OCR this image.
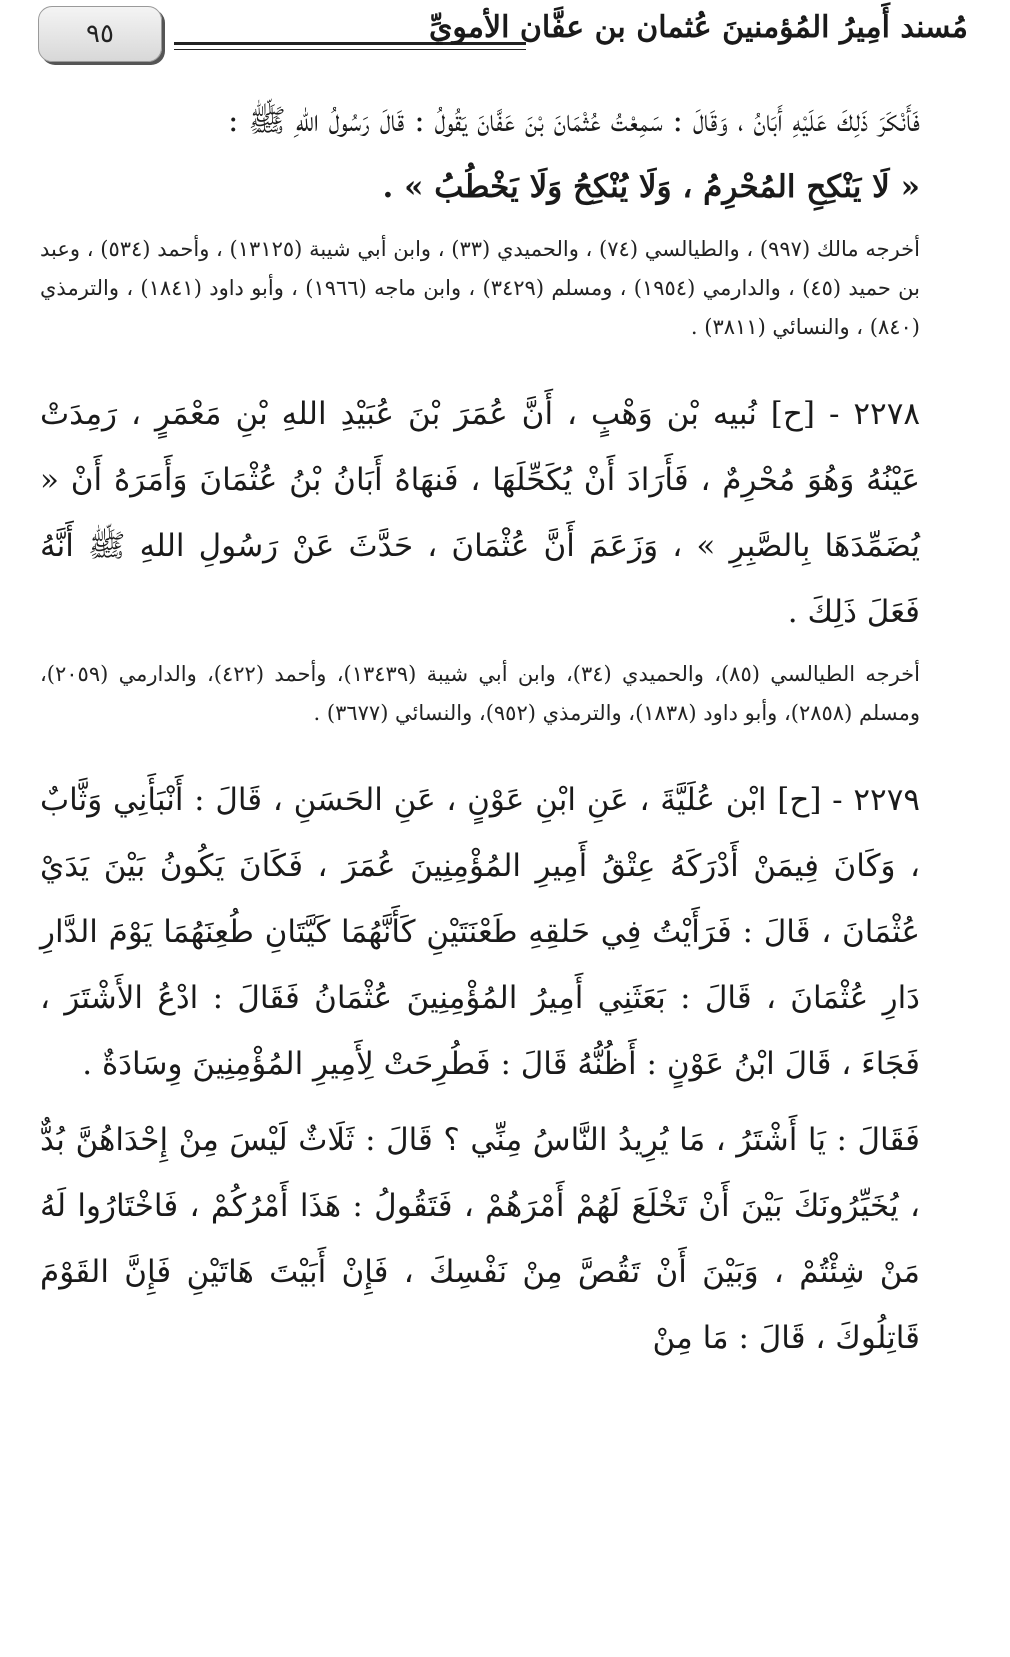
٩٥	مُسند أَمِيرُ المُؤمنينَ عُثمان بن عفَّان الأمويِّ

فَأَنْكَرَ ذَلِكَ عَلَيْهِ أَبَانُ ، وَقَالَ : سَمِعْتُ عُثْمَانَ بْنَ عَفَّانَ يَقُولُ : قَالَ رَسُولُ اللهِ ﷺ :
« لَا يَنْكِحِ المُحْرِمُ ، وَلَا يُنْكِحُ وَلَا يَخْطُبُ » .

أخرجه مالك (٩٩٧) ، والطيالسي (٧٤) ، والحميدي (٣٣) ، وابن أبي شيبة (١٣١٢٥) ، وأحمد (٥٣٤) ، وعبد بن حميد (٤٥) ، والدارمي (١٩٥٤) ، ومسلم (٣٤٢٩) ، وابن ماجه (١٩٦٦) ، وأبو داود (١٨٤١) ، والترمذي (٨٤٠) ، والنسائي (٣٨١١) .

٢٢٧٨ - [ح] نُبيه بْن وَهْبٍ ، أَنَّ عُمَرَ بْنَ عُبَيْدِ اللهِ بْنِ مَعْمَرٍ ، رَمِدَتْ عَيْنُهُ وَهُوَ مُحْرِمٌ ، فَأَرَادَ أَنْ يُكَحِّلَهَا ، فَنهَاهُ أَبَانُ بْنُ عُثْمَانَ وَأَمَرَهُ أَنْ « يُضَمِّدَهَا بِالصَّبِرِ » ، وَزَعَمَ أَنَّ عُثْمَانَ ، حَدَّثَ عَنْ رَسُولِ اللهِ ﷺ أَنَّهُ فَعَلَ ذَلِكَ .

أخرجه الطيالسي (٨٥)، والحميدي (٣٤)، وابن أبي شيبة (١٣٤٣٩)، وأحمد (٤٢٢)، والدارمي (٢٠٥٩)، ومسلم (٢٨٥٨)، وأبو داود (١٨٣٨)، والترمذي (٩٥٢)، والنسائي (٣٦٧٧) .

٢٢٧٩ - [ح] ابْن عُلَيَّةَ ، عَنِ ابْنِ عَوْنٍ ، عَنِ الحَسَنِ ، قَالَ : أَنْبَأَنِي وَثَّابٌ ، وَكَانَ فِيمَنْ أَدْرَكَهُ عِتْقُ أَمِيرِ المُؤْمِنِينَ عُمَرَ ، فَكَانَ يَكُونُ بَيْنَ يَدَيْ عُثْمَانَ ، قَالَ : فَرَأَيْتُ فِي حَلقِهِ طَعْنَتَيْنِ كَأَنَّهُمَا كَيَّتَانِ طُعِنَهُمَا يَوْمَ الدَّارِ دَارِ عُثْمَانَ ، قَالَ : بَعَثَنِي أَمِيرُ المُؤْمِنِينَ عُثْمَانُ فَقَالَ : ادْعُ الأَشْتَرَ ، فَجَاءَ ، قَالَ ابْنُ عَوْنٍ : أَظُنُّهُ قَالَ : فَطُرِحَتْ لِأَمِيرِ المُؤْمِنِينَ وِسَادَةٌ .

فَقَالَ : يَا أَشْتَرُ ، مَا يُرِيدُ النَّاسُ مِنِّي ؟ قَالَ : ثَلَاثٌ لَيْسَ مِنْ إِحْدَاهُنَّ بُدٌّ ، يُخَيِّرُونَكَ بَيْنَ أَنْ تَخْلَعَ لَهُمْ أَمْرَهُمْ ، فَتَقُولُ : هَذَا أَمْرُكُمْ ، فَاخْتَارُوا لَهُ مَنْ شِئْتُمْ ، وَبَيْنَ أَنْ تَقُصَّ مِنْ نَفْسِكَ ، فَإِنْ أَبَيْتَ هَاتَيْنِ فَإِنَّ القَوْمَ قَاتِلُوكَ ، قَالَ : مَا مِنْ
